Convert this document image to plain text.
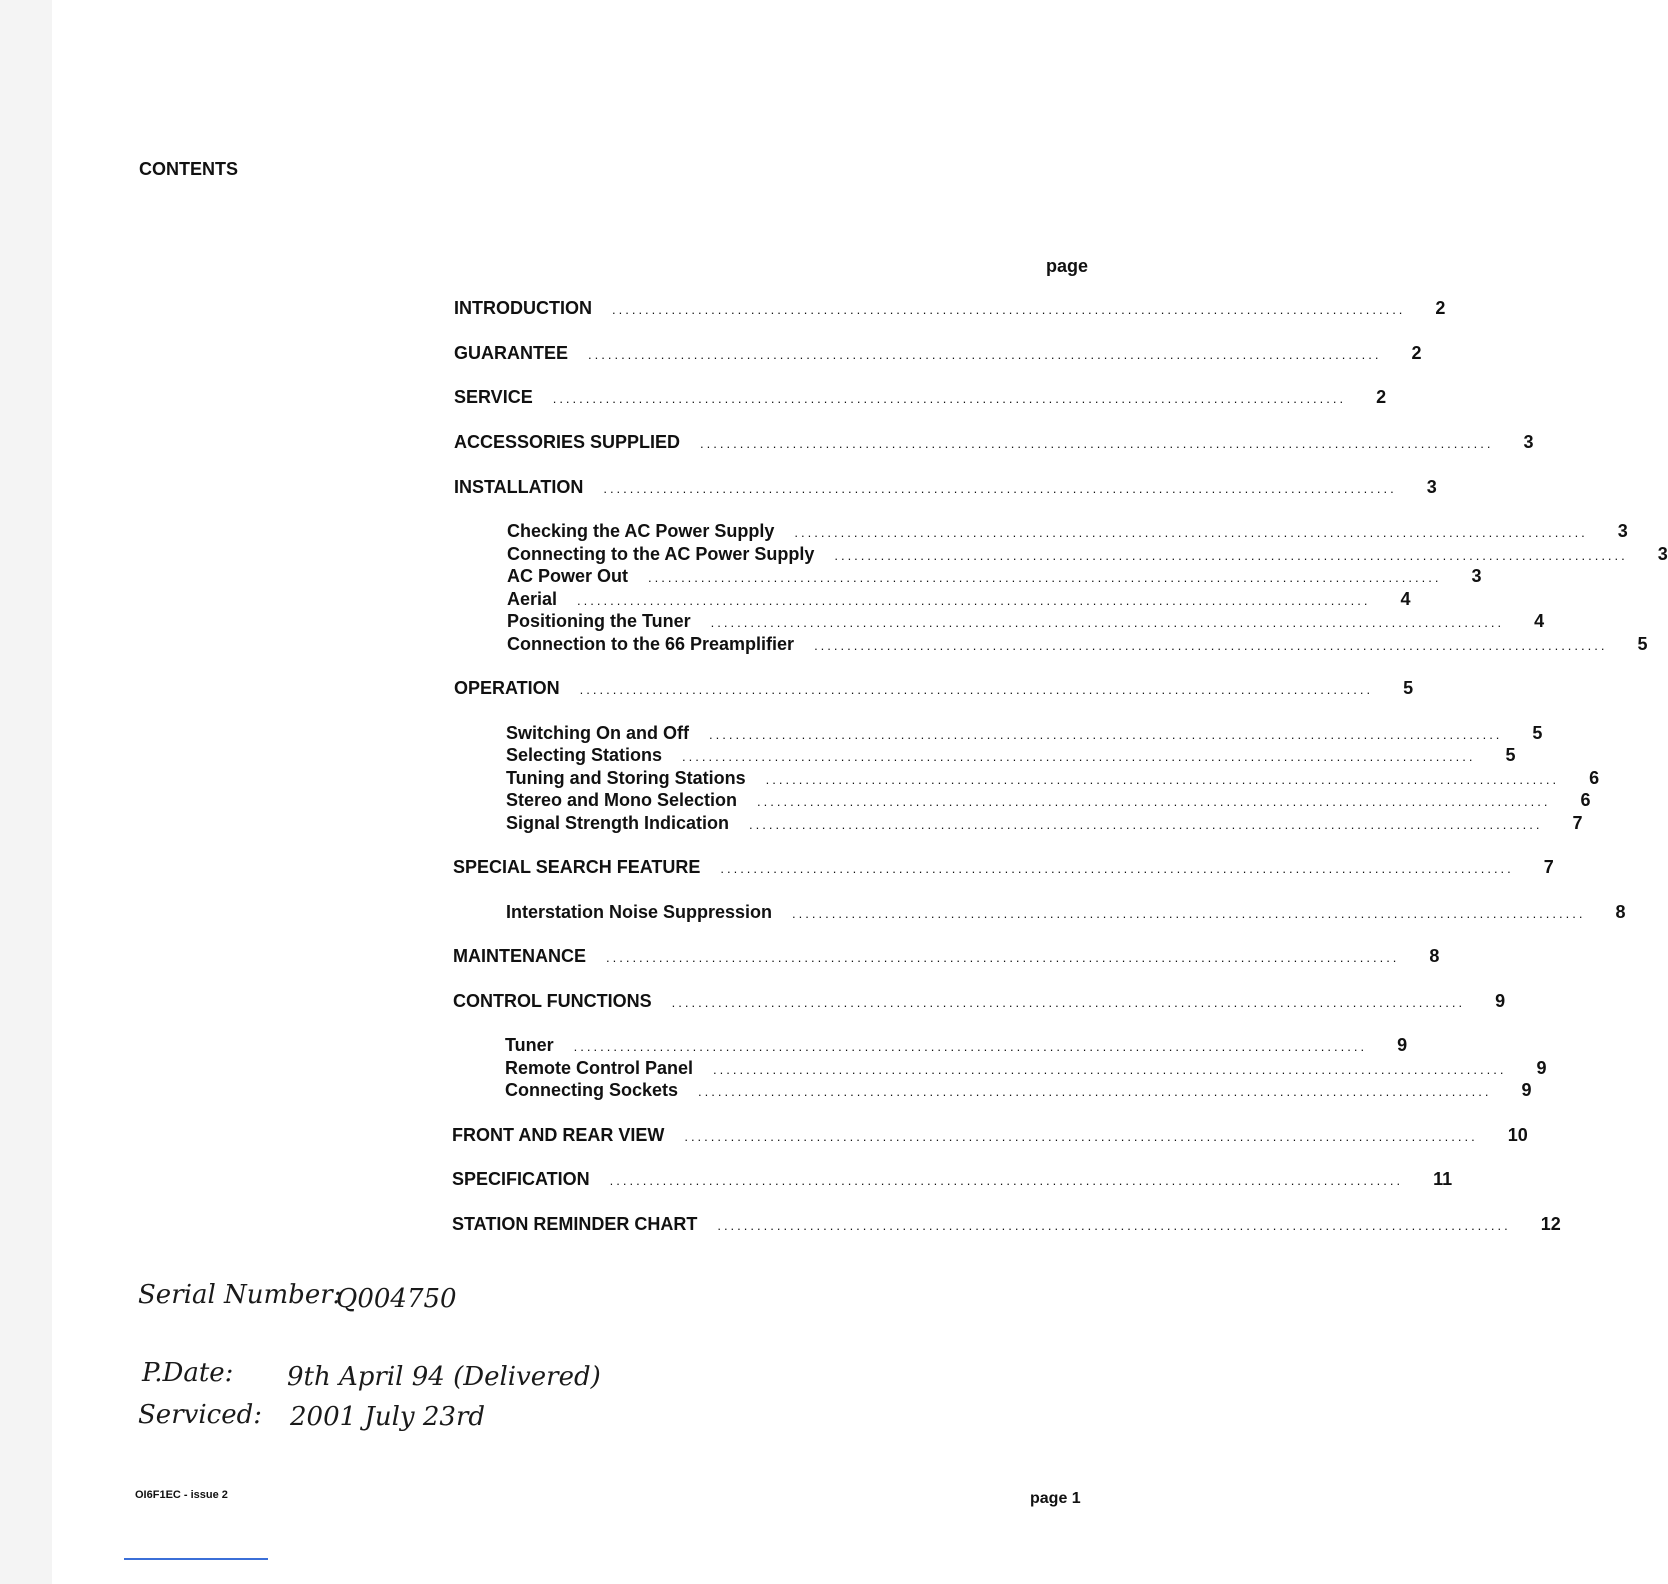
CONTENTS
page
INTRODUCTION ........................................................................................................................ 2
GUARANTEE ........................................................................................................................ 2
SERVICE ........................................................................................................................ 2
ACCESSORIES SUPPLIED ........................................................................................................................ 3
INSTALLATION ........................................................................................................................ 3
Checking the AC Power Supply ........................................................................................................................ 3
Connecting to the AC Power Supply ........................................................................................................................ 3
AC Power Out ........................................................................................................................ 3
Aerial ........................................................................................................................ 4
Positioning the Tuner ........................................................................................................................ 4
Connection to the 66 Preamplifier ........................................................................................................................ 5
OPERATION ........................................................................................................................ 5
Switching On and Off ........................................................................................................................ 5
Selecting Stations ........................................................................................................................ 5
Tuning and Storing Stations ........................................................................................................................ 6
Stereo and Mono Selection ........................................................................................................................ 6
Signal Strength Indication ........................................................................................................................ 7
SPECIAL SEARCH FEATURE ........................................................................................................................ 7
Interstation Noise Suppression ........................................................................................................................ 8
MAINTENANCE ........................................................................................................................ 8
CONTROL FUNCTIONS ........................................................................................................................ 9
Tuner ........................................................................................................................ 9
Remote Control Panel ........................................................................................................................ 9
Connecting Sockets ........................................................................................................................ 9
FRONT AND REAR VIEW ........................................................................................................................ 10
SPECIFICATION ........................................................................................................................ 11
STATION REMINDER CHART ........................................................................................................................ 12
Serial Number:
Q004750
P.Date: 9th April 94 (Delivered)
Serviced: 2001 July 23rd
OI6F1EC - issue 2	page 1
